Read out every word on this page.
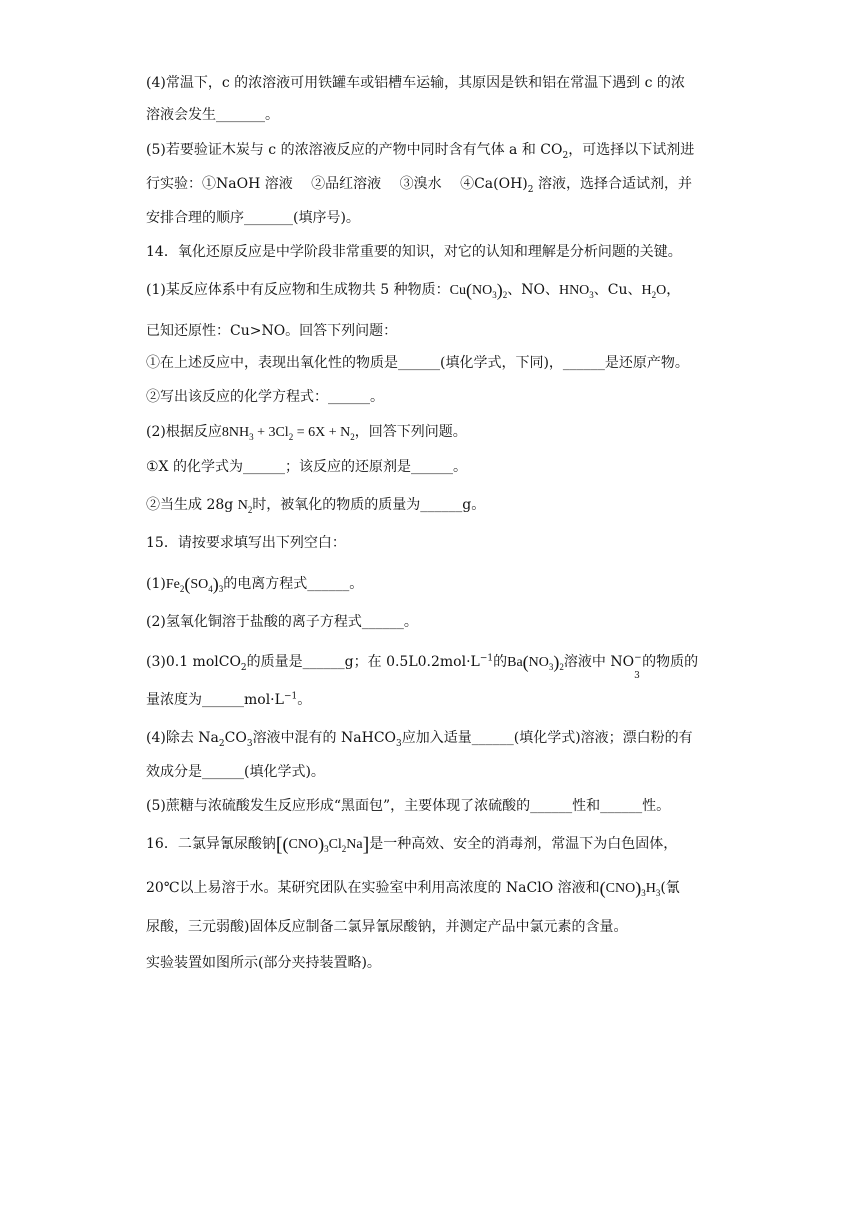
(4)常温下，c 的浓溶液可用铁罐车或铝槽车运输，其原因是铁和铝在常温下遇到 c 的浓
溶液会发生_______。
(5)若要验证木炭与 c 的浓溶液反应的产物中同时含有气体 a 和 $CO_2$，可选择以下试剂进
行实验：①NaOH 溶液　 ②品红溶液　 ③溴水　 $④Ca(OH)_2$ 溶液，选择合适试剂，并
安排合理的顺序_______(填序号)。
14．氧化还原反应是中学阶段非常重要的知识，对它的认知和理解是分析问题的关键。
(1)某反应体系中有反应物和生成物共 5 种物质：$Cu(NO_3)_2$、NO、$HNO_3$、Cu、$H_2O$，
已知还原性：Cu>NO。回答下列问题：
①在上述反应中，表现出氧化性的物质是______(填化学式，下同)，______是还原产物。
②写出该反应的化学方程式：______。
(2)根据反应$8NH_3 + 3Cl_2 = 6X + N_2$，回答下列问题。
①X 的化学式为______；该反应的还原剂是______。
②当生成 28g $N_2$时，被氧化的物质的质量为______g。
15．请按要求填写出下列空白：
$(1)Fe_2(SO_4)_3$的电离方程式______。
(2)氢氧化铜溶于盐酸的离子方程式______。
(3)0.1 molCO$_2$的质量是______g；在 $0.5L0.2mol\cdot L^{-1}$的$Ba(NO_3)_2$溶液中 NO −
3
的物质的
量浓度为$\_\_\_\_\_\_mol\cdot L^{-1}$。
(4)除去 $Na_2CO_3$溶液中混有的 NaHCO$_3$应加入适量______(填化学式)溶液；漂白粉的有
效成分是______(填化学式)。
(5)蔗糖与浓硫酸发生反应形成“黑面包”，主要体现了浓硫酸的______性和______性。
16．二氯异氰尿酸钠$[(CNO)_3Cl_2Na]$是一种高效、安全的消毒剂，常温下为白色固体，
20℃以上易溶于水。某研究团队在实验室中利用高浓度的 NaClO 溶液和$(CNO)_3H_3$(氰
尿酸，三元弱酸)固体反应制备二氯异氰尿酸钠，并测定产品中氯元素的含量。
实验装置如图所示(部分夹持装置略)。
